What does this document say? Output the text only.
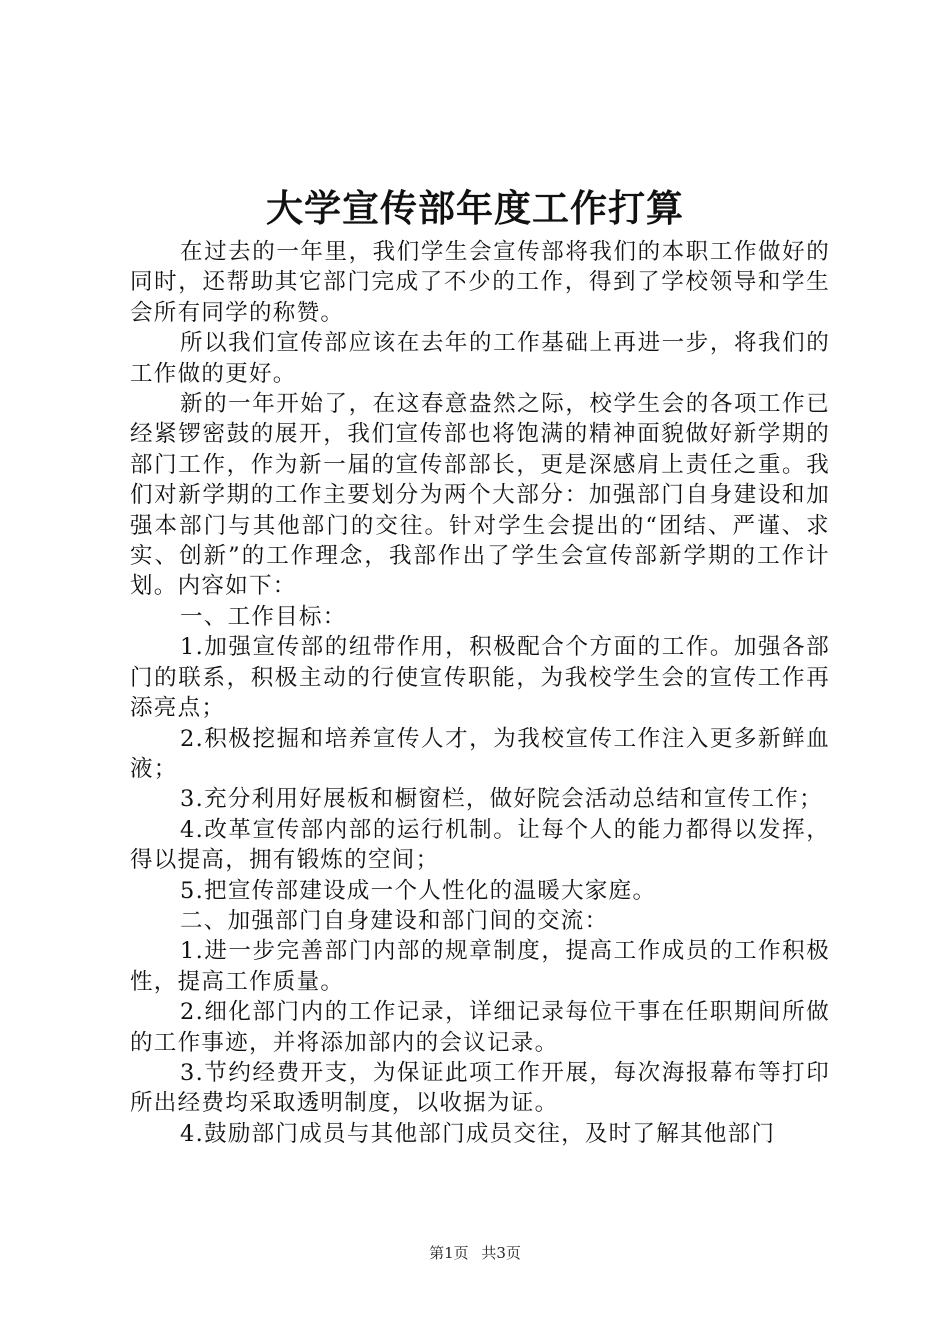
大学宣传部年度工作打算

在过去的一年里，我们学生会宣传部将我们的本职工作做好的同时，还帮助其它部门完成了不少的工作，得到了学校领导和学生会所有同学的称赞。

所以我们宣传部应该在去年的工作基础上再进一步，将我们的工作做的更好。

新的一年开始了，在这春意盎然之际，校学生会的各项工作已经紧锣密鼓的展开，我们宣传部也将饱满的精神面貌做好新学期的部门工作，作为新一届的宣传部部长，更是深感肩上责任之重。我们对新学期的工作主要划分为两个大部分：加强部门自身建设和加强本部门与其他部门的交往。针对学生会提出的“团结、严谨、求实、创新”的工作理念，我部作出了学生会宣传部新学期的工作计划。内容如下：

一、工作目标：

1.加强宣传部的纽带作用，积极配合个方面的工作。加强各部门的联系，积极主动的行使宣传职能，为我校学生会的宣传工作再添亮点；

2.积极挖掘和培养宣传人才，为我校宣传工作注入更多新鲜血液；

3.充分利用好展板和橱窗栏，做好院会活动总结和宣传工作；

4.改革宣传部内部的运行机制。让每个人的能力都得以发挥，得以提高，拥有锻炼的空间；

5.把宣传部建设成一个人性化的温暖大家庭。

二、加强部门自身建设和部门间的交流：

1.进一步完善部门内部的规章制度，提高工作成员的工作积极性，提高工作质量。

2.细化部门内的工作记录，详细记录每位干事在任职期间所做的工作事迹，并将添加部内的会议记录。

3.节约经费开支，为保证此项工作开展，每次海报幕布等打印所出经费均采取透明制度，以收据为证。

4.鼓励部门成员与其他部门成员交往，及时了解其他部门

第1页 共3页
